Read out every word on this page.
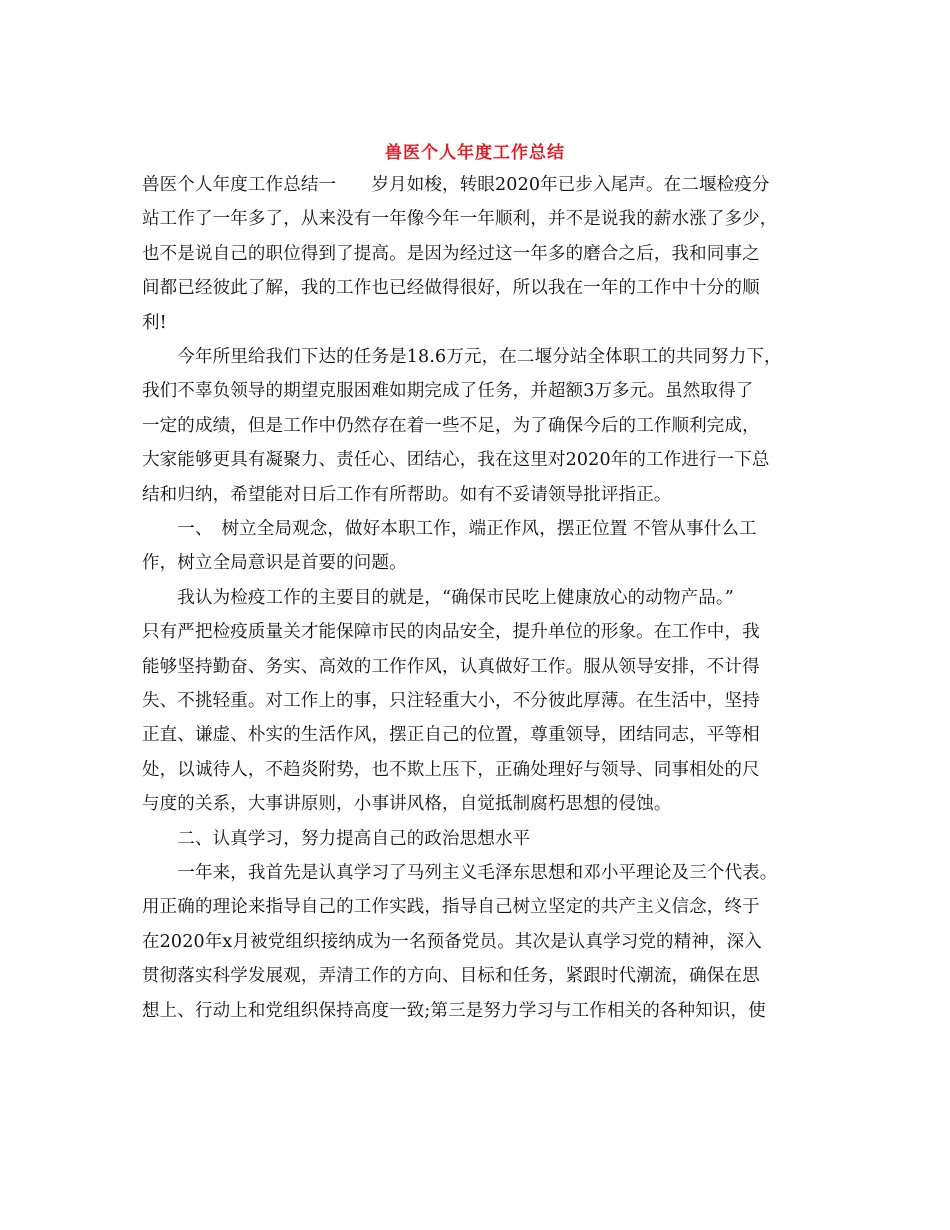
兽医个人年度工作总结
兽医个人年度工作总结一　　岁月如梭，转眼2020年已步入尾声。在二堰检疫分
站工作了一年多了，从来没有一年像今年一年顺利，并不是说我的薪水涨了多少，
也不是说自己的职位得到了提高。是因为经过这一年多的磨合之后，我和同事之
间都已经彼此了解，我的工作也已经做得很好，所以我在一年的工作中十分的顺
利!
　　今年所里给我们下达的任务是18.6万元，在二堰分站全体职工的共同努力下，
我们不辜负领导的期望克服困难如期完成了任务，并超额3万多元。虽然取得了
一定的成绩，但是工作中仍然存在着一些不足，为了确保今后的工作顺利完成，
大家能够更具有凝聚力、责任心、团结心，我在这里对2020年的工作进行一下总
结和归纳，希望能对日后工作有所帮助。如有不妥请领导批评指正。
　　一、　树立全局观念，做好本职工作，端正作风，摆正位置 不管从事什么工
作，树立全局意识是首要的问题。
　　我认为检疫工作的主要目的就是，“确保市民吃上健康放心的动物产品。”
只有严把检疫质量关才能保障市民的肉品安全，提升单位的形象。在工作中，我
能够坚持勤奋、务实、高效的工作作风，认真做好工作。服从领导安排，不计得
失、不挑轻重。对工作上的事，只注轻重大小，不分彼此厚薄。在生活中，坚持
正直、谦虚、朴实的生活作风，摆正自己的位置，尊重领导，团结同志，平等相
处，以诚待人，不趋炎附势，也不欺上压下，正确处理好与领导、同事相处的尺
与度的关系，大事讲原则，小事讲风格，自觉抵制腐朽思想的侵蚀。
　　二、认真学习，努力提高自己的政治思想水平
　　一年来，我首先是认真学习了马列主义毛泽东思想和邓小平理论及三个代表。
用正确的理论来指导自己的工作实践，指导自己树立坚定的共产主义信念，终于
在2020年x月被党组织接纳成为一名预备党员。其次是认真学习党的精神，深入
贯彻落实科学发展观，弄清工作的方向、目标和任务，紧跟时代潮流，确保在思
想上、行动上和党组织保持高度一致;第三是努力学习与工作相关的各种知识，使
